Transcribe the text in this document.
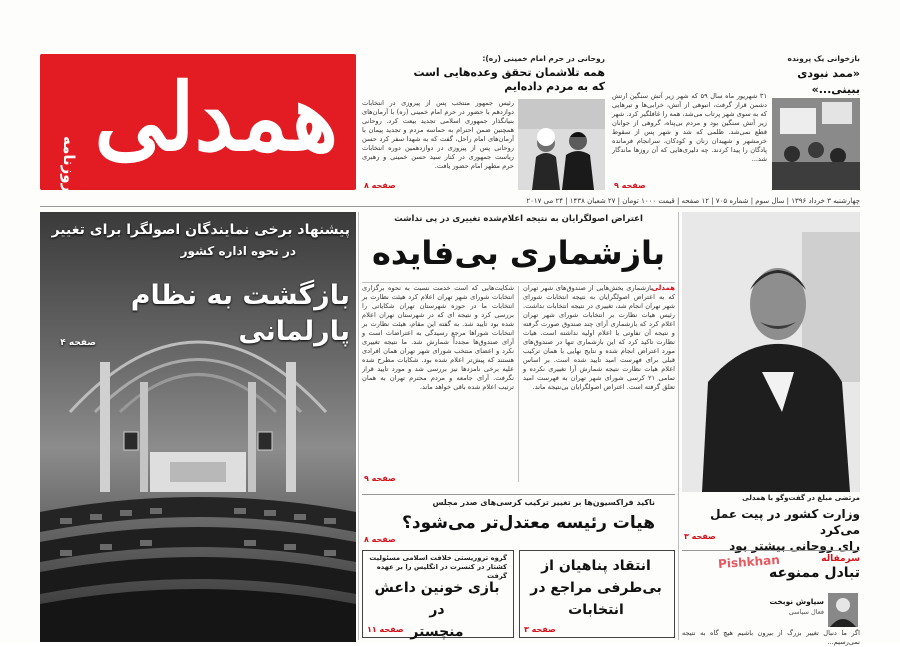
همدلی
روزنامه
روحانی در حرم امام خمینی (ره):
همه تلاشمان تحقق وعده‌هایی است
که به مردم داده‌ایم
رئیس جمهور منتخب پس از پیروزی در انتخابات دوازدهم با حضور در حرم امام خمینی (ره) با آرمان‌های بنیانگذار جمهوری اسلامی تجدید بیعت کرد. روحانی همچنین ضمن احترام به حماسه مردم و تجدید پیمان با آرمان‌های امام راحل، گفت که به شهدا سفر کرد حسن روحانی پس از پیروزی در دوازدهمین دوره انتخابات ریاست جمهوری در کنار سید حسن خمینی و رهبری حرم مطهر امام حضور یافت.
صفحه ۸
بازخوانی یک پرونده
«ممد نبودی
ببینی...»
۳۱ شهریور ماه سال ۵۹ که شهر زیر آتش سنگین ارتش دشمن قرار گرفت، انبوهی از آتش، خرابی‌ها و تیرهایی که به سوی شهر پرتاب می‌شد، همه را غافلگیر کرد. شهر زیر آتش سنگین بود و مردم بی‌پناه، گروهی از جوانان قطع نمی‌شد. ظلمی که شد و شهر پس از سقوط خرمشهر و شهیدان زنان و کودکان، سرانجام فرمانده پادگان را پیدا کردند. چه دلیری‌هایی که آن روزها ماندگار شد...
صفحه ۹
چهارشنبه ۳ خرداد ۱۳۹۶ | سال سوم | شماره ۷۰۵ | ۱۲ صفحه | قیمت ۱۰۰۰ تومان | ۲۷ شعبان ۱۴۳۸ | ۲۴ می ۲۰۱۷
پیشنهاد برخی نمایندگان اصولگرا برای تغییر
در نحوه اداره کشور
بازگشت به نظام پارلمانی
صفحه ۴
اعتراض اصولگرایان به نتیجه اعلام‌شده تغییری در پی نداشت
بازشماری بی‌فایده
همدلی
بازشماری بخش‌هایی از صندوق‌های شهر تهران که به اعتراض اصولگرایان به نتیجه انتخابات شورای شهر تهران انجام شد، تغییری در نتیجه انتخابات نداشت. رئیس هیات نظارت بر انتخابات شورای شهر تهران اعلام کرد که بازشماری آرای چند صندوق صورت گرفته و نتیجه آن تفاوتی با اعلام اولیه نداشته است. هیات نظارت تاکید کرد که این بازشماری تنها در صندوق‌های مورد اعتراض انجام شده و نتایج نهایی با همان ترکیب قبلی برای فهرست امید تایید شده است. بر اساس اعلام هیات نظارت نتیجه شمارش آرا تغییری نکرده و تمامی ۲۱ کرسی شورای شهر تهران به فهرست امید تعلق گرفته است. اعتراض اصولگرایان بی‌نتیجه ماند.
شکایت‌هایی که است خدمت نسبت به نحوه برگزاری انتخابات شورای شهر تهران اعلام کرد هیئت نظارت بر انتخابات ما در حوزه شهرستان تهران شکایاتی را بررسی کرد و نتیجه ای که در شهرستان تهران اعلام شده بود تایید شد. به گفته این مقام، هیئت نظارت بر انتخابات شوراها مرجع رسیدگی به اعتراضات است و آرای صندوق‌ها مجدداً شمارش شد. ما نتیجه تغییری نکرد و اعضای منتخب شورای شهر تهران همان افرادی هستند که پیش‌تر اعلام شده بود. شکایات مطرح شده علیه برخی نامزدها نیز بررسی شد و مورد تایید قرار نگرفت. آرای جامعه و مردم محترم تهران به همان ترتیب اعلام شده باقی خواهد ماند.
صفحه ۹
ناکید فراکسیون‌ها بر تغییر ترکیب کرسی‌های صدر مجلس
هیات رئیسه معتدل‌تر می‌شود؟
صفحه ۸
انتقاد پناهیان از
بی‌طرفی مراجع در
انتخابات
صفحه ۳
گروه تروریستی خلافت اسلامی مسئولیت کشتار در کنسرت در انگلیس را بر عهده گرفت
بازی خونین داعش در
منچستر
صفحه ۱۱
مرتضی مبلغ در گفت‌وگو با همدلی
وزارت کشور در پیت عمل می‌کرد
رای روحانی بیشتر بود
صفحه ۳
سرمقاله
تبادل ممنوعه
سیاوش نوبخت
فعال سیاسی
اگر ما دنبال تغییر بزرگ از بیرون باشیم هیچ گاه به نتیجه نمی‌رسیم...
Pishkhan
